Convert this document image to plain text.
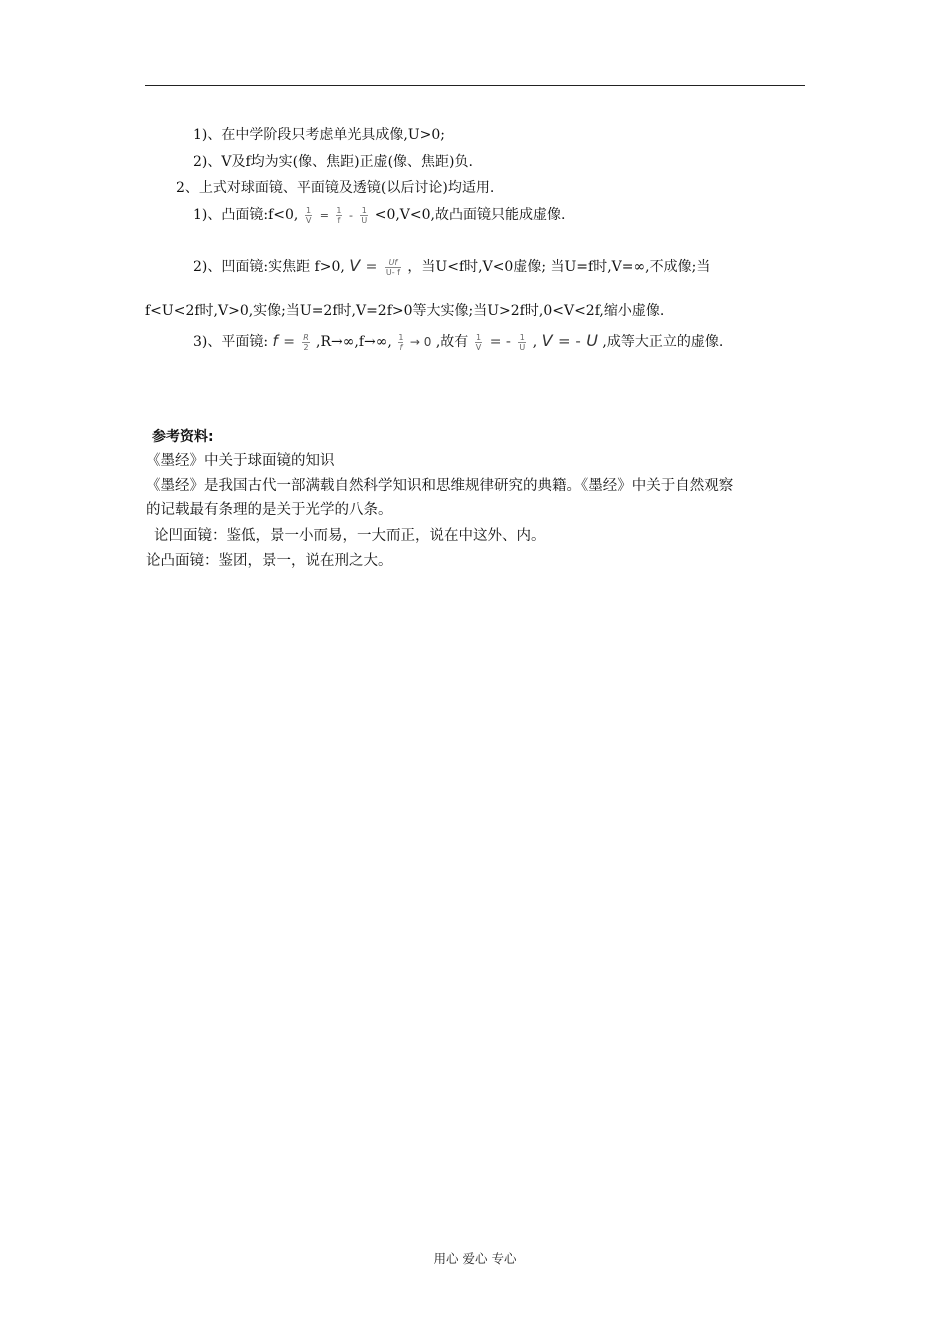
1)、在中学阶段只考虑单光具成像,U>0;
2)、V及f均为实(像、焦距)正虚(像、焦距)负.
2、上式对球面镜、平面镜及透镜(以后讨论)均适用.
1)、凸面镜:f<0, $\frac{1}{V} = \frac{1}{f} - \frac{1}{U} <0,V<0$,故凸面镜只能成虚像.
2)、凹面镜:实焦距 f>0, $V = \frac{Uf}{U- f}$ ，当U<f时,V<0虚像; 当U=f时,V=∞,不成像;当
f<U<2f时,V>0,实像;当U=2f时,V=2f>0等大实像;当U>2f时,0<V<2f,缩小虚像.
3)、平面镜: $f = \frac{R}{2} ,R\to\infty,f\to\infty$, $\frac{1}{f} \to 0$ ,故有 $\frac{1}{V}$ = - $\frac{1}{U}$ , V = - U ,成等大正立的虚像.
参考资料:
《墨经》中关于球面镜的知识
《墨经》是我国古代一部满载自然科学知识和思维规律研究的典籍。《墨经》中关于自然观察
的记载最有条理的是关于光学的八条。
论凹面镜：鉴低，景一小而易，一大而正，说在中这外、内。
论凸面镜：鉴团，景一，说在刑之大。
用心 爱心 专心
